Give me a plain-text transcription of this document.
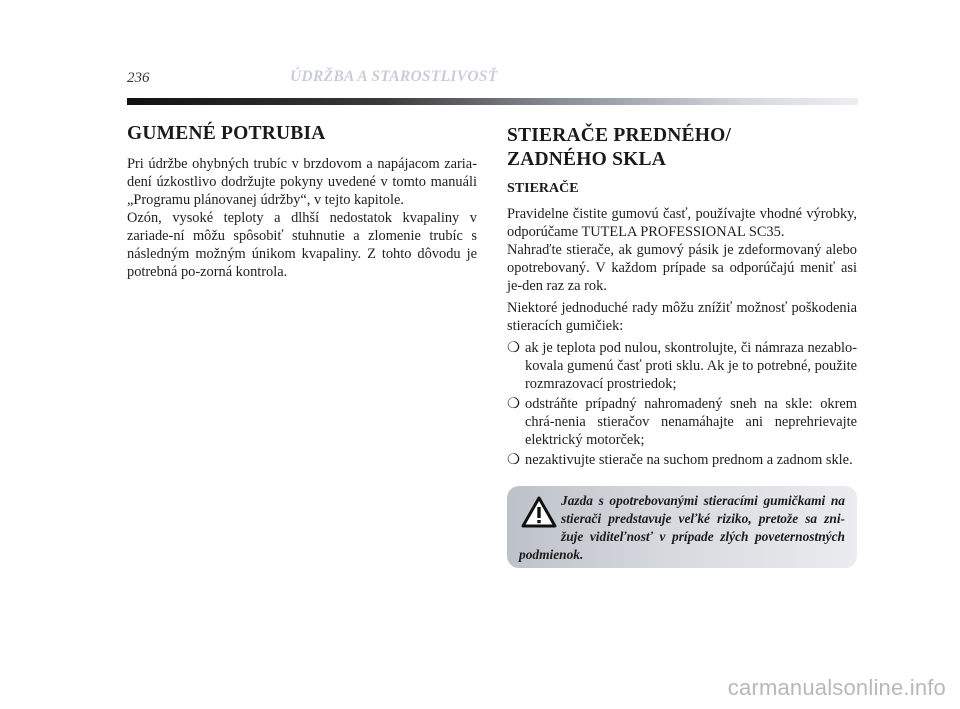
236	ÚDRŽBA A STAROSTLIVOSŤ
GUMENÉ POTRUBIA

Pri údržbe ohybných trubíc v brzdovom a napájacom zaria-dení úzkostlivo dodržujte pokyny uvedené v tomto manuáli „Programu plánovanej údržby“, v tejto kapitole.

Ozón, vysoké teploty a dlhší nedostatok kvapaliny v zariade-ní môžu spôsobiť stuhnutie a zlomenie trubíc s následným možným únikom kvapaliny. Z tohto dôvodu je potrebná po-zorná kontrola.

STIERAČE PREDNÉHO/
ZADNÉHO SKLA
STIERAČE

Pravidelne čistite gumovú časť, používajte vhodné výrobky, odporúčame TUTELA PROFESSIONAL SC35.

Nahraďte stierače, ak gumový pásik je zdeformovaný alebo opotrebovaný. V každom prípade sa odporúčajú meniť asi je-den raz za rok.

Niektoré jednoduché rady môžu znížiť možnosť poškodenia stieracích gumičiek:

❍ ak je teplota pod nulou, skontrolujte, či námraza nezablo-kovala gumenú časť proti sklu. Ak je to potrebné, použite rozmrazovací prostriedok;

❍ odstráňte prípadný nahromadený sneh na skle: okrem chrá-nenia stieračov nenamáhajte ani neprehrievajte elektrický motorček;

❍ nezaktivujte stierače na suchom prednom a zadnom skle.

Jazda s opotrebovanými stieracími gumičkami na stierači predstavuje veľké riziko, pretože sa zni-žuje viditeľnosť v prípade zlých poveternostných podmienok.
carmanualsonline.info
